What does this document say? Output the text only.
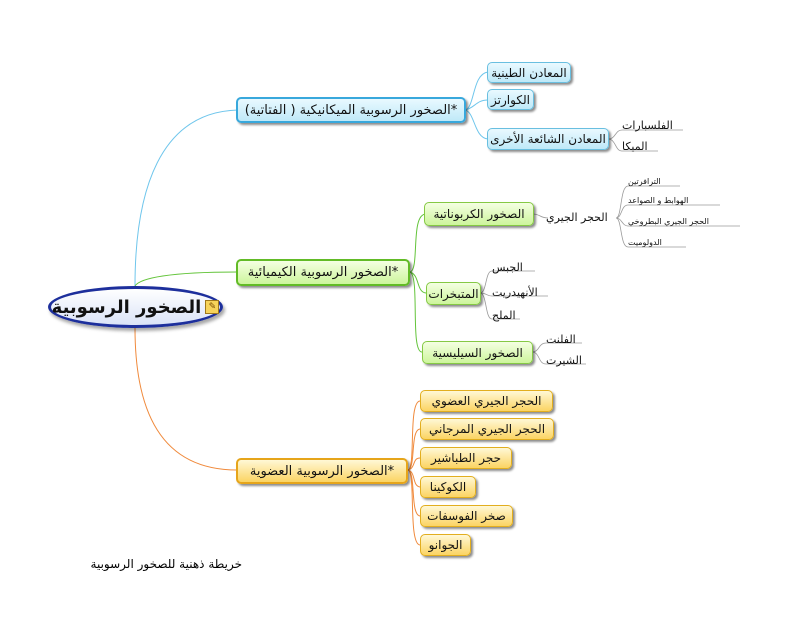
✎
الصخور الرسوبية
*الصخور الرسوبية الميكانيكية ( الفتاتية)
المعادن الطينية
الكوارتز
المعادن الشائعة الأخرى
الفلسبارات
الميكا
*الصخور الرسوبية الكيميائية
الصخور الكربوناتية الحجر الجيري
الترافرتين
الهوابط و الصواعد
الحجر الجيري البطروخي
الدولوميت
المتبخرات
الجبس
الأنهيدريت
الملح
الصخور السيليسية
الفلنت
الشيرت
*الصخور الرسوبية العضوية
الحجر الجيري العضوي
الحجر الجيري المرجاني
حجر الطباشير
الكوكينا
صخر الفوسفات
الجوانو
خريطة ذهنية للصخور الرسوبية
